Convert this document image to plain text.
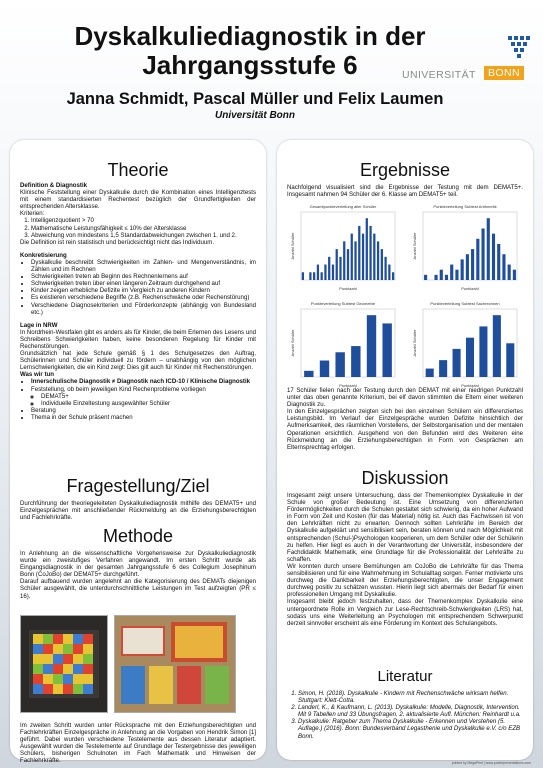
Dyskalkuliediagnostik in der
Jahrgangsstufe 6
Janna Schmidt, Pascal Müller und Felix Laumen
Universität Bonn
UNIVERSITÄT	BONN
Theorie

Definition & Diagnostik

Klinische Feststellung einer Dyskalkulie durch die Kombination eines Intelligenztests mit einem standardisierten Rechentest bezüglich der Grundfertigkeiten der entsprechenden Altersklasse.

Kriterien:

1. Intelligenzquotient > 70
2. Mathematische Leistungsfähigkeit ≤ 10% der Altersklasse
3. Abweichung von mindestens 1,5 Standardabweichungen zwischen 1. und 2.

Die Definition ist rein statistisch und berücksichtigt nicht das Individuum.

Konkretisierung

• Dyskalkulie beschreibt Schwierigkeiten im Zahlen- und Mengenverständnis, im Zählen und im Rechnen
• Schwierigkeiten treten ab Beginn des Rechnenlernens auf
• Schwierigkeiten treten über einen längeren Zeitraum durchgehend auf
• Kinder zeigen erhebliche Defizite im Vergleich zu anderen Kindern
• Es existieren verschiedene Begriffe (z.B. Rechenschwäche oder Rechenstörung)
• Verschiedene Diagnosekriterien und Förderkonzepte (abhängig von Bundesland etc.)

Lage in NRW

In Nordrhein-Westfalen gibt es anders als für Kinder, die beim Erlernen des Lesens und Schreibens Schwierigkeiten haben, keine besonderen Regelung für Kinder mit Rechenstörungen.

Grundsätzlich hat jede Schule gemäß § 1 des Schulgesetzes den Auftrag, Schülerinnen und Schüler individuell zu fördern – unabhängig von den möglichen Lernschwierigkeiten, die ein Kind zeigt: Dies gilt auch für Kinder mit Rechenstörungen.

Was wir tun

• Innerschulische Diagnostik ≠ Diagnostik nach ICD-10 / Klinische Diagnostik
• Feststellung, ob beim jeweiligen Kind Rechenprobleme vorliegen
◦ DEMAT5+
◦ Individuelle Einzeltestung ausgewählter Schüler
• Beratung
• Thema in der Schule präsent machen
Fragestellung/Ziel
Durchführung der theoriegeleiteten Dyskalkuliediagnostik mithilfe des DEMAT5+ und Einzelgesprächen mit anschließender Rückmeldung an die Erziehungsberechtigten und Fachlehrkräfte.
Methode

In Anlehnung an die wissenschaftliche Vorgehensweise zur Dyskalkuliediagnostik wurde ein zweistufiges Verfahren angewandt. Im ersten Schritt wurde als Eingangsdiagnostik in der gesamten Jahrgangsstufe 6 des Collegium Josephinum Bonn (CoJoBo) der DEMAT5+ durchgeführt.

Darauf aufbauend wurden angelehnt an die Kategorisierung des DEMATs diejenigen Schüler ausgewählt, die unterdurchschnittliche Leistungen im Test aufzeigten (PR ≤ 16).

Im zweiten Schritt wurden unter Rücksprache mit den Erziehungsberechtigten und Fachlehrkräften Einzelgespräche in Anlehnung an die Vorgaben von Hendrik Simon [1] geführt. Dabei wurden verschiedene Testelemente aus dessen Literatur adaptiert. Ausgewählt wurden die Testelemente auf Grundlage der Testergebnisse des jeweiligen Schülers, bisherigen Schulnoten im Fach Mathematik und Hinweisen der Fachlehrkräfte.
Ergebnisse
Nachfolgend visualisiert sind die Ergebnisse der Testung mit dem DEMAT5+. Insgesamt nahmen 94 Schüler der 6. Klasse am DEMAT5+ teil.
Gesamtpunkteverteilung aller Schüler
Punktzahl
Anzahl Schüler
Punkteverteilung Subtest Arithmetik
Punktzahl
Anzahl Schüler
Punkteverteilung Subtest Geometrie
Punktzahl
Anzahl Schüler
Punkteverteilung Subtest Sachrechnen
Punktzahl
Anzahl Schüler

17 Schüler fielen nach der Testung durch den DEMAT mit einer niedrigen Punktzahl unter das oben genannte Kriterium, bei elf davon stimmten die Eltern einer weiteren Diagnostik zu.

In den Einzelgesprächen zeigten sich bei den einzelnen Schülern ein differenziertes Leistungsbild. Im Verlauf der Einzelgespräche wurden Defizite hinsichtlich der Aufmerksamkeit, des räumlichen Vorstellens, der Selbstorganisation und der mentalen Operationen ersichtlich. Ausgehend von den Befunden wird des Weiteren eine Rückmeldung an die Erziehungsberechtigten in Form von Gesprächen am Elternsprechtag erfolgen.

Diskussion

Insgesamt zeigt unsere Untersuchung, dass der Themenkomplex Dyskalkulie in der Schule von großer Bedeutung ist. Eine Umsetzung von differenzierten Fördermöglichkeiten durch die Schulen gestaltet sich schwierig, da ein hoher Aufwand in Form von Zeit und Kosten (für das Material) nötig ist. Auch das Fachwissen ist von den Lehrkräften nicht zu erwarten. Dennoch sollten Lehrkräfte im Bereich der Dyskalkulie aufgeklärt und sensibilisiert sein, beraten können und nach Möglichkeit mit entsprechenden (Schul-)Psychologen kooperieren, um dem Schüler oder der Schülerin zu helfen. Hier liegt es auch in der Verantwortung der Universität, insbesondere der Fachdidaktik Mathematik, eine Grundlage für die Professionalität der Lehrkräfte zu schaffen.

Wir konnten durch unsere Bemühungen am CoJoBo die Lehrkräfte für das Thema sensibilisieren und für eine Wahrnehmung im Schulalltag sorgen. Ferner motivierte uns durchweg die Dankbarkeit der Erziehungsberechtigten, die unser Engagement durchweg positiv zu schätzen wussten. Hierin liegt sich abermals der Bedarf für einen professionellen Umgang mit Dyskalkulie.

Insgesamt bleibt jedoch festzuhalten, dass der Themenkomplex Dyskalkulie eine untergeordnete Rolle im Vergleich zur Lese-Rechtschreib-Schwierigkeiten (LRS) hat, sodass uns eine Weiterleitung an Psychologen mit entsprechendem Schwerpunkt derzeit sinnvoller erscheint als eine Förderung im Kontext des Schulangebots.

Literatur
1. Simon, H. (2018). Dyskalkulie - Kindern mit Rechenschwäche wirksam helfen. Stuttgart: Klett-Cotta.
2. Landerl, K., & Kaufmann, L. (2013). Dyskalkulie: Modelle, Diagnostik, Intervention. Mit 9 Tabellen und 33 Übungsfragen. 2. aktualisierte Aufl. München: Reinhardt u.a.
3. Dyskalkulie: Ratgeber zum Thema Dyskalkulie - Erkennen und Verstehen (5. Auflage.) (2016). Bonn: Bundesverband Legasthenie und Dyskalkulie e.V. c/o EZB Bonn.
printed by MegaPrint | www.posterpresentations.com
